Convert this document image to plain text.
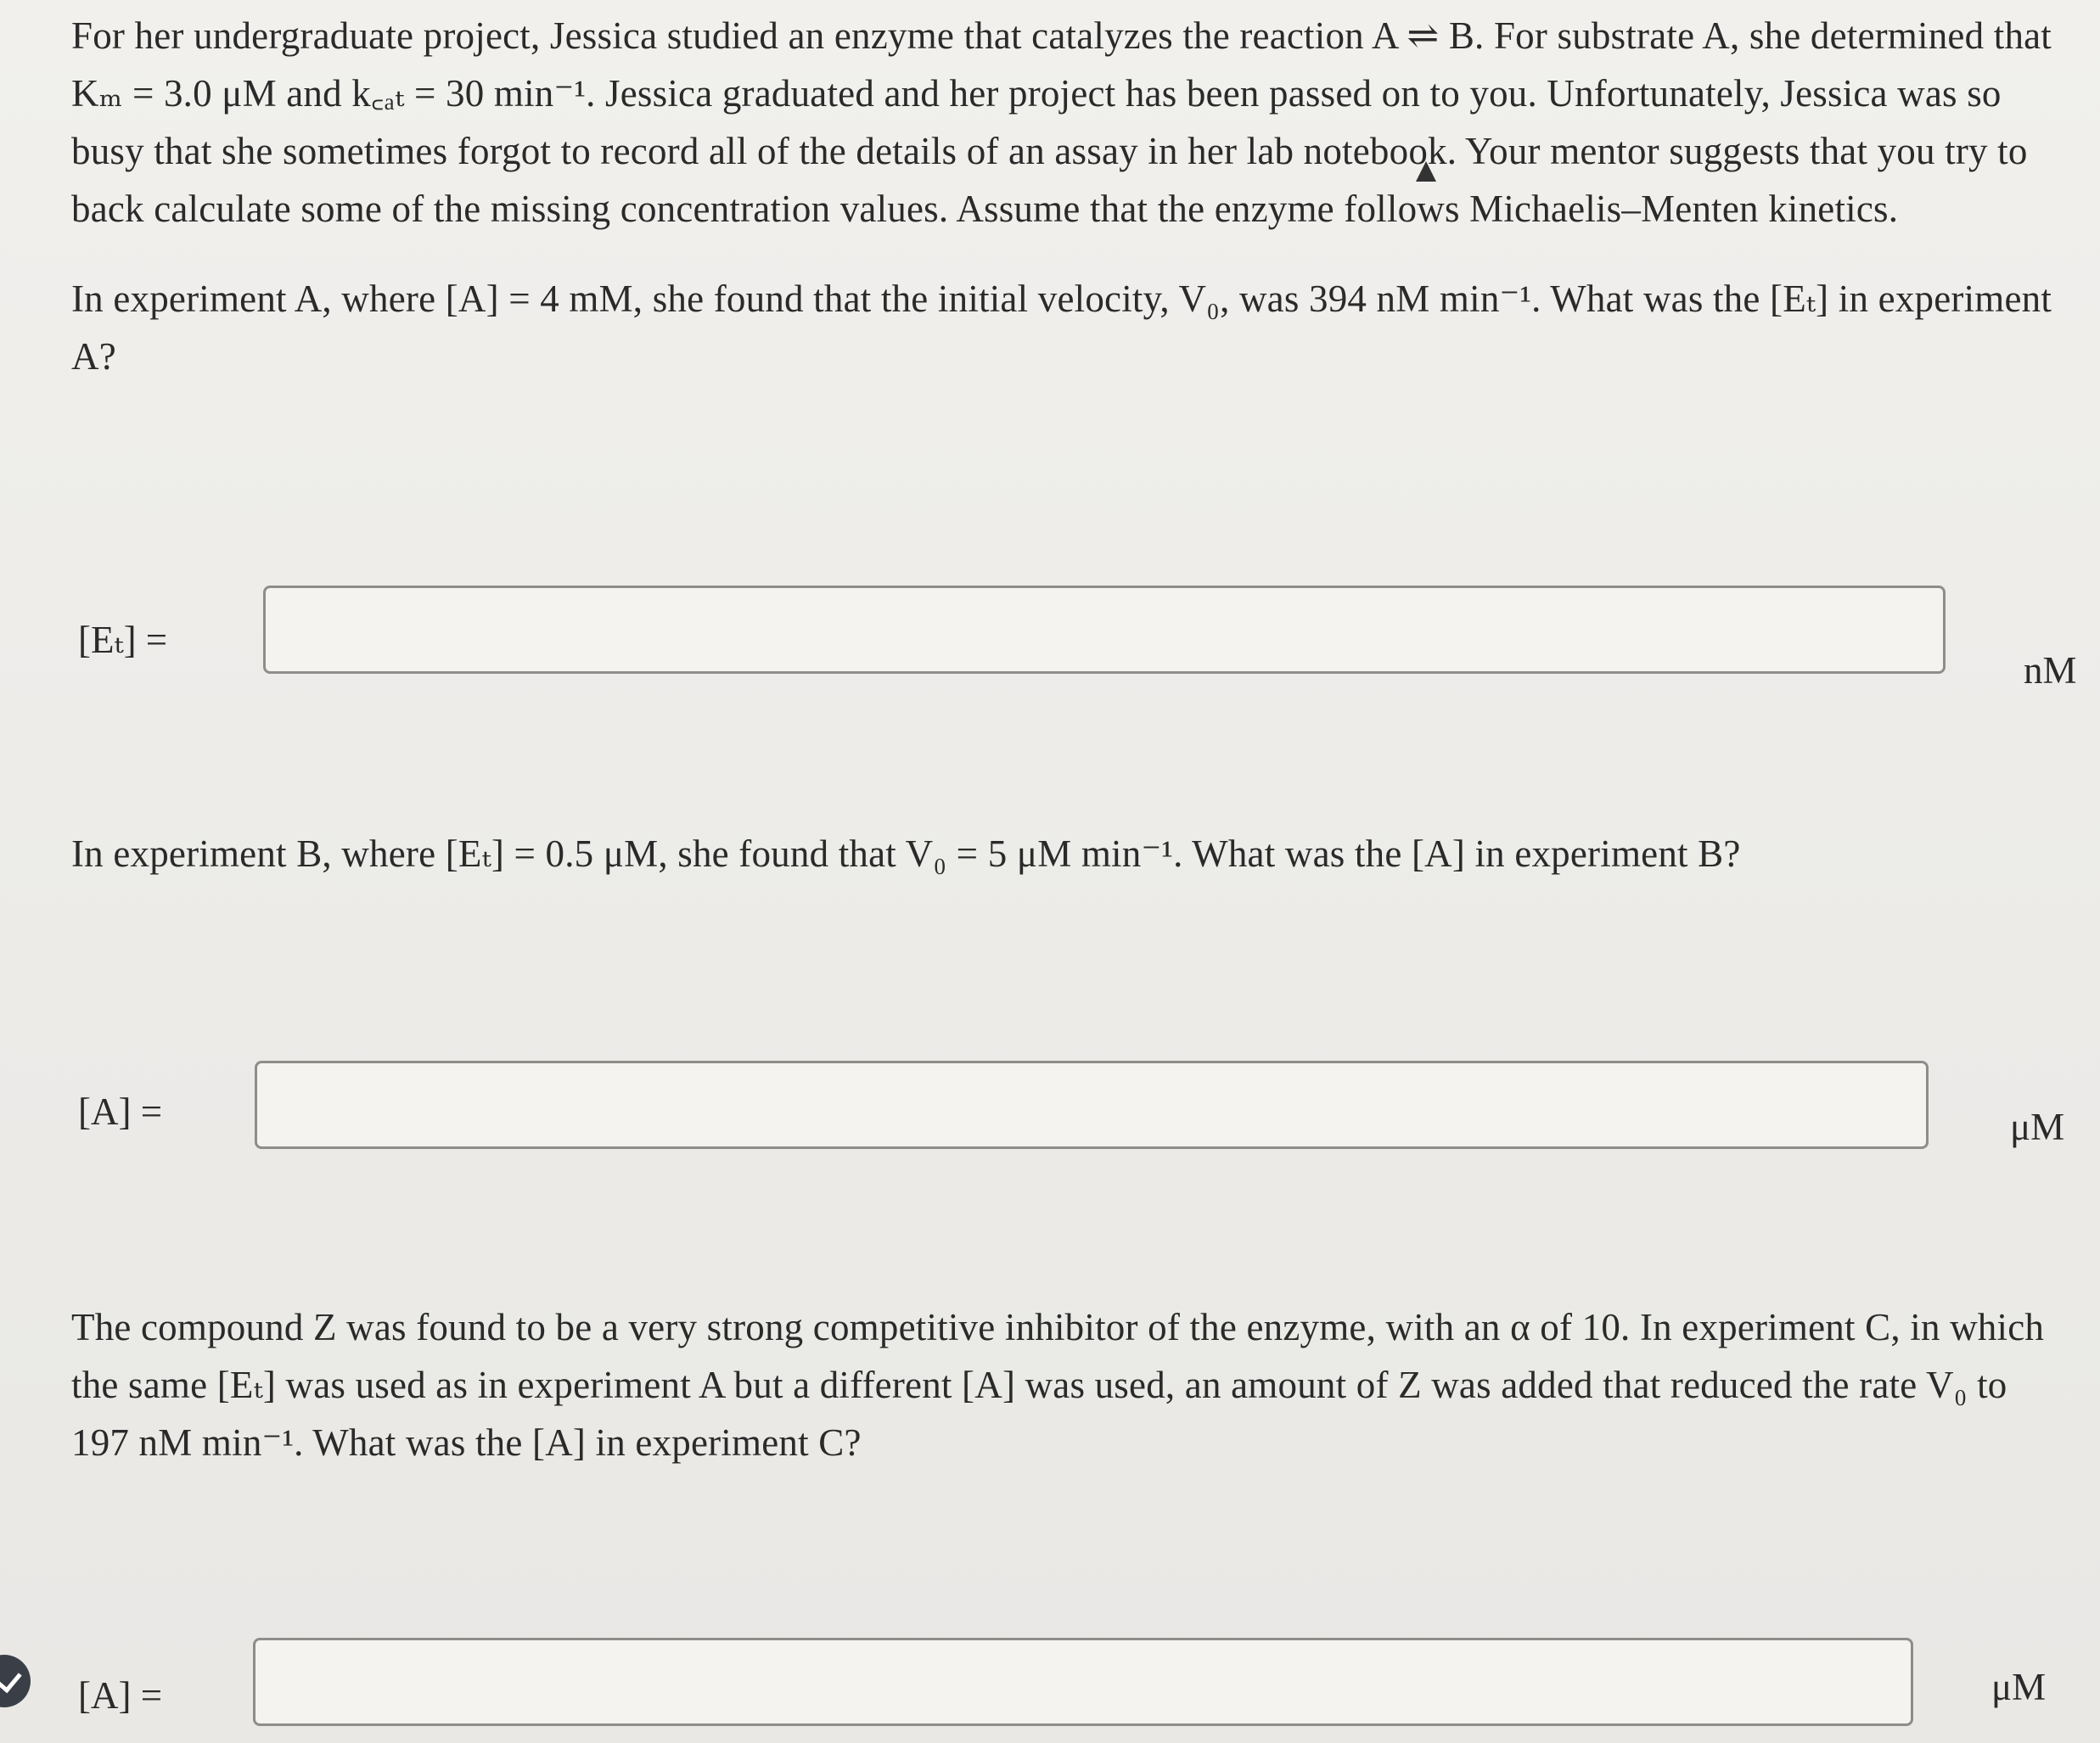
For her undergraduate project, Jessica studied an enzyme that catalyzes the reaction A ⇌ B. For substrate A, she determined that Kₘ = 3.0 μM and k꜀ₐₜ = 30 min⁻¹. Jessica graduated and her project has been passed on to you. Unfortunately, Jessica was so busy that she sometimes forgot to record all of the details of an assay in her lab notebook. Your mentor suggests that you try to back calculate some of the missing concentration values. Assume that the enzyme follows Michaelis–Menten kinetics.
In experiment A, where [A] = 4 mM, she found that the initial velocity, V₀, was 394 nM min⁻¹. What was the [Eₜ] in experiment A?
[Eₜ] =
nM
In experiment B, where [Eₜ] = 0.5 μM, she found that V₀ = 5 μM min⁻¹. What was the [A] in experiment B?
[A] =	μM
The compound Z was found to be a very strong competitive inhibitor of the enzyme, with an α of 10. In experiment C, in which the same [Eₜ] was used as in experiment A but a different [A] was used, an amount of Z was added that reduced the rate V₀ to 197 nM min⁻¹. What was the [A] in experiment C?
[A] =	μM
